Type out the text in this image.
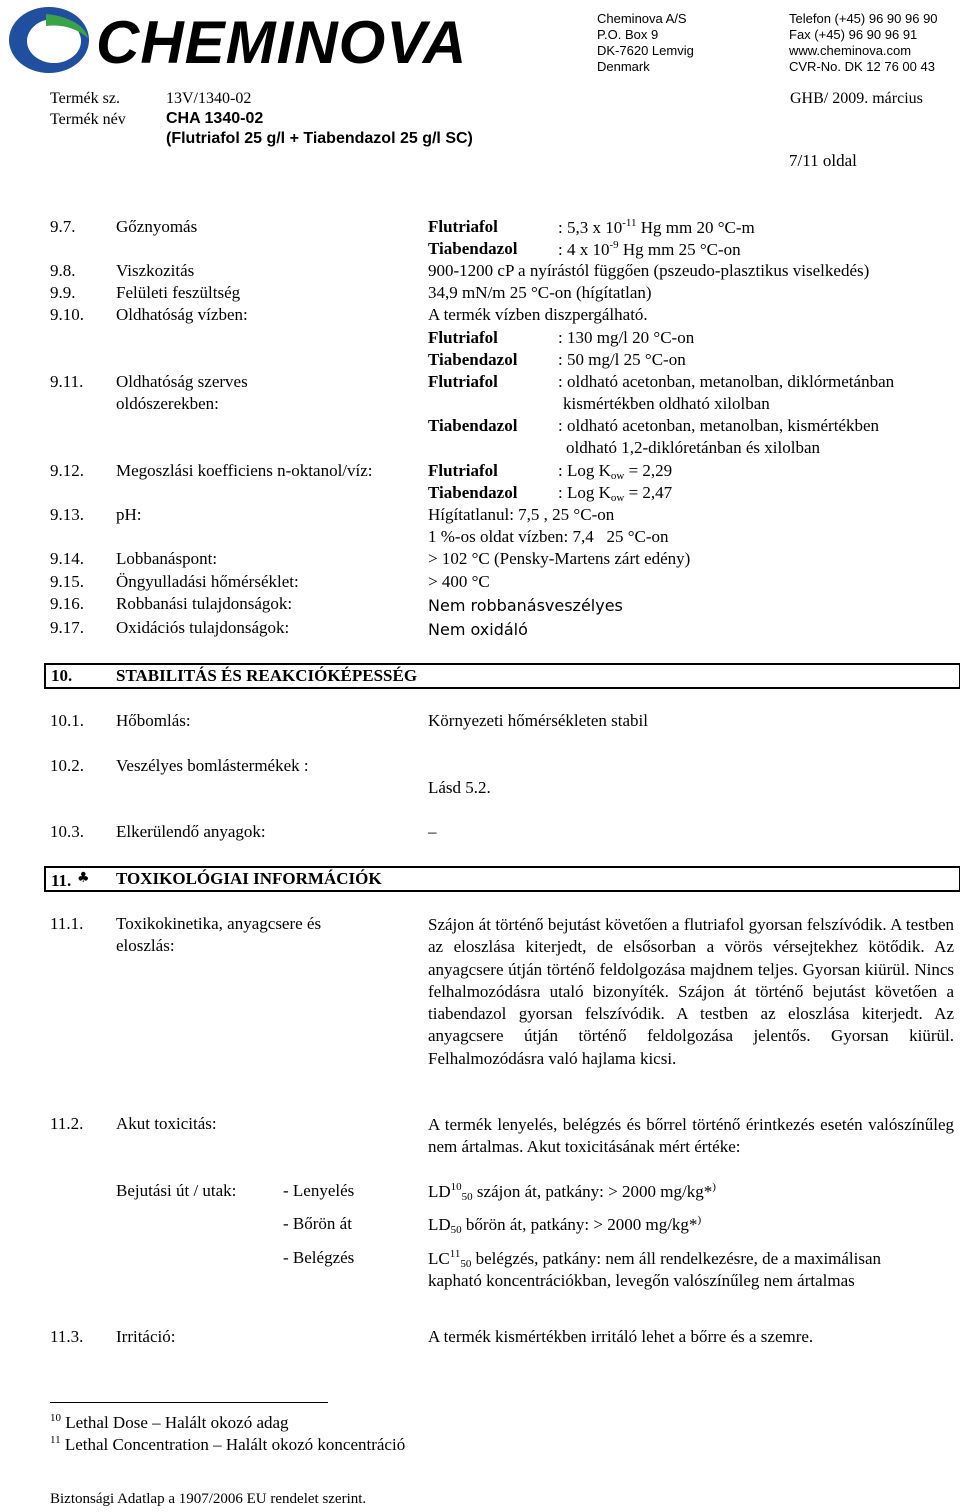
CHEMINOVA	Cheminova A/S
P.O. Box 9
DK-7620 Lemvig
Denmark
Telefon (+45) 96 90 96 90
Fax (+45) 96 90 96 91
www.cheminova.com
CVR-No. DK 12 76 00 43
Termék sz.	13V/1340-02
Termék név	CHA 1340-02
(Flutriafol 25 g/l + Tiabendazol 25 g/l SC)
GHB/ 2009. március
7/11 oldal
9.7. Gőznyomás	Flutriafol	: 5,3 x $10^{-11}$ Hg mm 20 °C-m
Tiabendazol : 4 x $10^{-9}$ Hg mm 25 °C-on
9.8. Viszkozitás	900-1200 cP a nyírástól függően (pszeudo-plasztikus viselkedés)
9.9. Felületi feszültség	34,9 mN/m 25 °C-on (hígítatlan)
9.10. Oldhatóság vízben:	A termék vízben diszpergálható.
Flutriafol	: 130 mg/l 20 °C-on
Tiabendazol : 50 mg/l 25 °C-on
9.11. Oldhatóság szerves
oldószerekben:
Flutriafol	: oldható acetonban, metanolban, diklórmetánban
kismértékben oldható xilolban
Tiabendazol : oldható acetonban, metanolban, kismértékben
oldható 1,2-diklóretánban és xilolban
9.12. Megoszlási koefficiens n-oktanol/víz:	Flutriafol	: Log $K_{ow} = 2,29$
Tiabendazol : Log $K_{ow} = 2,47$
9.13. pH:	Hígítatlanul: 7,5 , 25 °C-on
1 %-os oldat vízben: 7,4   25 °C-on
9.14. Lobbanáspont:	> 102 °C (Pensky-Martens zárt edény)
9.15. Öngyulladási hőmérséklet:	> 400 °C
9.16. Robbanási tulajdonságok:	Nem robbanásveszélyes
9.17. Oxidációs tulajdonságok:	Nem oxidáló
10.	STABILITÁS ÉS REAKCIÓKÉPESSÉG
10.1. Hőbomlás:	Környezeti hőmérsékleten stabil
10.2. Veszélyes bomlástermékek :
Lásd 5.2.
10.3. Elkerülendő anyagok:	–
11. ♣ TOXIKOLÓGIAI INFORMÁCIÓK
11.1. Toxikokinetika, anyagcsere és
eloszlás:
Szájon át történő bejutást követően a flutriafol gyorsan felszívódik. A testben az eloszlása kiterjedt, de elsősorban a vörös vérsejtekhez kötődik. Az anyagcsere útján történő feldolgozása majdnem teljes. Gyorsan kiürül. Nincs felhalmozódásra utaló bizonyíték. Szájon át történő bejutást követően a tiabendazol gyorsan felszívódik. A testben az eloszlása kiterjedt. Az anyagcsere útján történő feldolgozása jelentős. Gyorsan kiürül. Felhalmozódásra való hajlama kicsi.
11.2. Akut toxicitás:	A termék lenyelés, belégzés és bőrrel történő érintkezés esetén valószínűleg nem ártalmas. Akut toxicitásának mért értéke:
Bejutási út / utak:	- Lenyelés	$LD^{10}_{50}$ szájon át, patkány: > 2000 mg/kg*)
- Bőrön át	$LD_{50}$ bőrön át, patkány: > 2000 mg/kg*)
- Belégzés	$LC^{11}_{50}$ belégzés, patkány: nem áll rendelkezésre, de a maximálisan
kapható koncentrációkban, levegőn valószínűleg nem ártalmas
11.3. Irritáció:	A termék kismértékben irritáló lehet a bőrre és a szemre.
$^{10}$ Lethal Dose – Halált okozó adag
$^{11}$ Lethal Concentration – Halált okozó koncentráció
Biztonsági Adatlap a 1907/2006 EU rendelet szerint.
